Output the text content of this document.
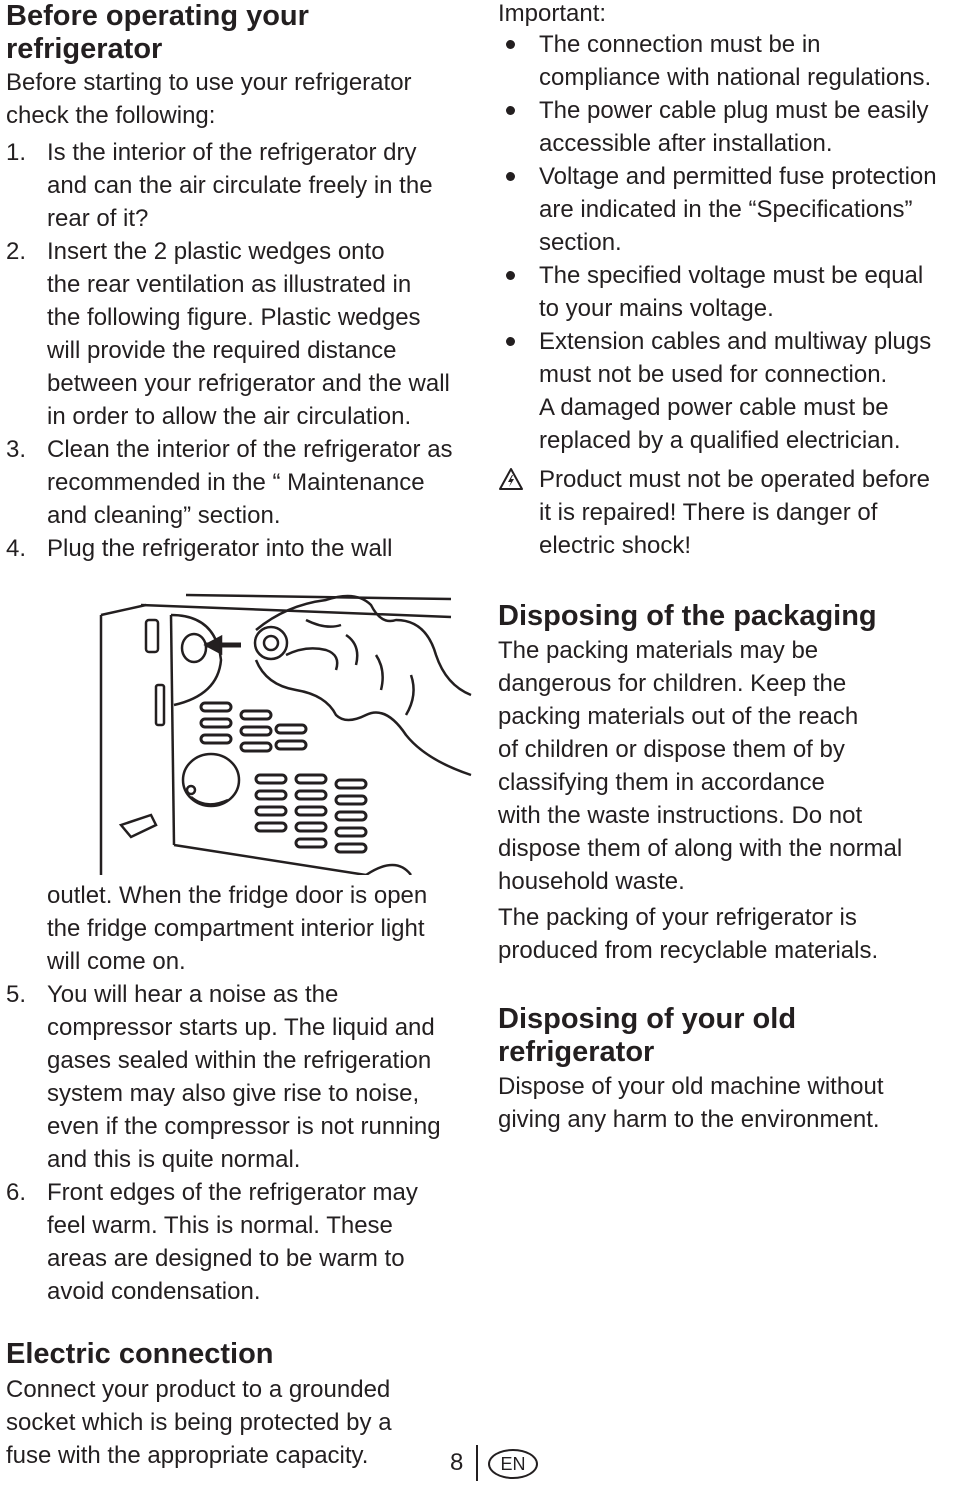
Before operating your
refrigerator
Before starting to use your refrigerator
check the following:
1. Is the interior of the refrigerator dry
and can the air circulate freely in the
rear of it?
2. Insert the 2 plastic wedges onto
the rear ventilation as illustrated in
the following figure. Plastic wedges
will provide the required distance
between your refrigerator and the wall
in order to allow the air circulation.
3. Clean the interior of the refrigerator as
recommended in the “ Maintenance
and cleaning” section.
4. Plug the refrigerator into the wall
outlet. When the fridge door is open
the fridge compartment interior light
will come on.
5. You will hear a noise as the
compressor starts up. The liquid and
gases sealed within the refrigeration
system may also give rise to noise,
even if the compressor is not running
and this is quite normal.
6. Front edges of the refrigerator may
feel warm. This is normal. These
areas are designed to be warm to
avoid condensation.
Electric connection
Connect your product to a grounded
socket which is being protected by a
fuse with the appropriate capacity.
Important:
The connection must be in
compliance with national regulations.
The power cable plug must be easily
accessible after installation.
Voltage and permitted fuse protection
are indicated in the “Specifications”
section.
The specified voltage must be equal
to your mains voltage.
Extension cables and multiway plugs
must not be used for connection.
A damaged power cable must be
replaced by a qualified electrician.
Product must not be operated before
it is repaired! There is danger of
electric shock!
Disposing of the packaging
The packing materials may be
dangerous for children. Keep the
packing materials out of the reach
of children or dispose them of by
classifying them in accordance
with the waste instructions. Do not
dispose them of along with the normal
household waste.
The packing of your refrigerator is
produced from recyclable materials.
Disposing of your old
refrigerator
Dispose of your old machine without
giving any harm to the environment.
8	EN
